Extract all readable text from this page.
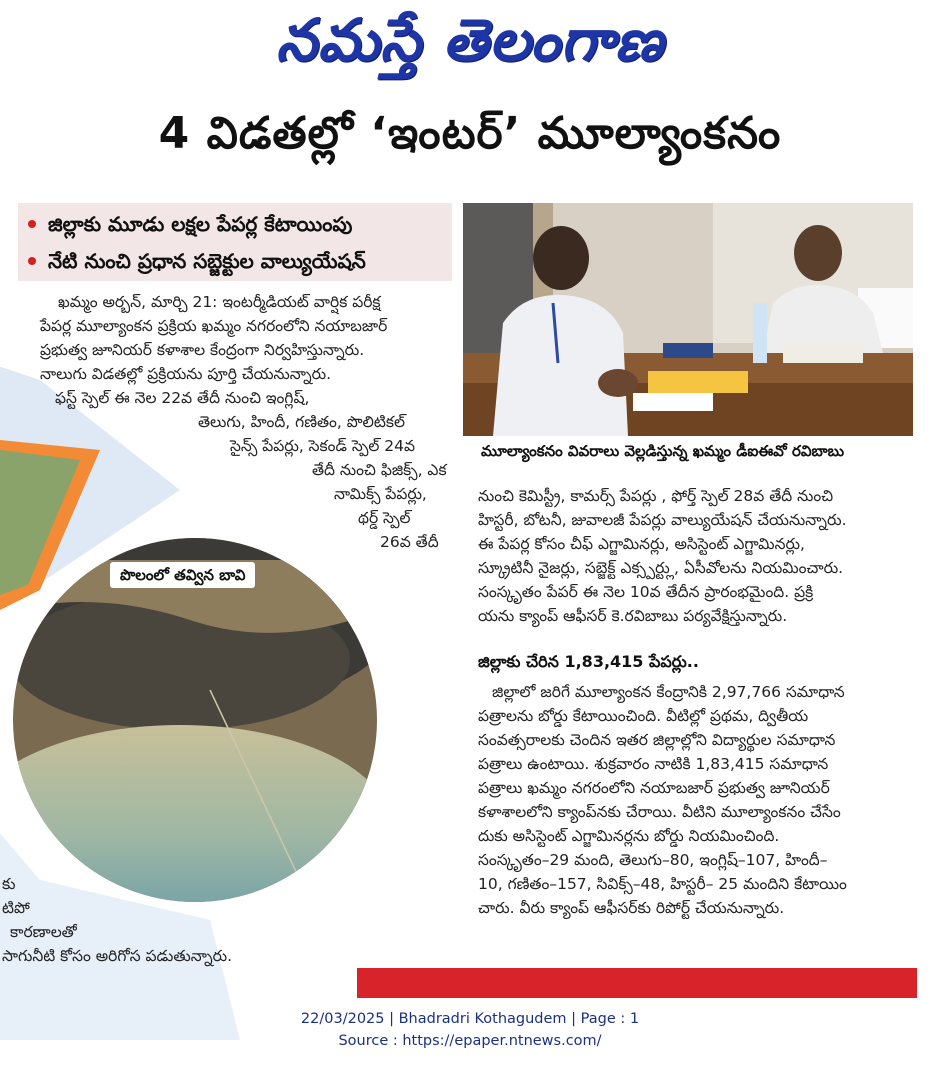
నమస్తే తెలంగాణ
4 విడతల్లో ‘ఇంటర్’ మూల్యాంకనం
జిల్లాకు మూడు లక్షల పేపర్ల కేటాయింపు
నేటి నుంచి ప్రధాన సబ్జెక్టుల వాల్యుయేషన్
పొలంలో తవ్విన బావి

ఖమ్మం అర్బన్, మార్చి 21: ఇంటర్మీడియట్ వార్షిక పరీక్ష

పేపర్ల మూల్యాంకన ప్రక్రియ ఖమ్మం నగరంలోని నయాబజార్

ప్రభుత్వ జూనియర్ కళాశాల కేంద్రంగా నిర్వహిస్తున్నారు.

నాలుగు విడతల్లో ప్రక్రియను పూర్తి చేయనున్నారు.

ఫస్ట్ స్పెల్ ఈ నెల 22వ తేదీ నుంచి ఇంగ్లిష్,

తెలుగు, హిందీ, గణితం, పొలిటికల్

సైన్స్ పేపర్లు, సెకండ్ స్పెల్ 24వ

తేదీ నుంచి ఫిజిక్స్, ఎక

నామిక్స్ పేపర్లు,

థర్డ్ స్పెల్

26వ తేదీ

మూల్యాంకనం వివరాలు వెల్లడిస్తున్న ఖమ్మం డీఐఈవో రవిబాబు

నుంచి కెమిస్ట్రీ, కామర్స్ పేపర్లు , ఫోర్త్ స్పెల్ 28వ తేదీ నుంచి

హిస్టరీ, బోటనీ, జువాలజీ పేపర్లు వాల్యుయేషన్ చేయనున్నారు.

ఈ పేపర్ల కోసం చీఫ్ ఎగ్జామినర్లు, అసిస్టెంట్ ఎగ్జామినర్లు,

స్క్రూటినీ నైజర్లు, సబ్జెక్ట్ ఎక్స్పర్ట్లు, ఏసీవోలను నియమించారు.

సంస్కృతం పేపర్ ఈ నెల 10వ తేదీన ప్రారంభమైంది. ప్రక్రి

యను క్యాంప్ ఆఫీసర్ కె.రవిబాబు పర్యవేక్షిస్తున్నారు.

జిల్లాకు చేరిన 1,83,415 పేపర్లు..

జిల్లాలో జరిగే మూల్యాంకన కేంద్రానికి 2,97,766 సమాధాన

పత్రాలను బోర్డు కేటాయించింది. వీటిల్లో ప్రథమ, ద్వితీయ

సంవత్సరాలకు చెందిన ఇతర జిల్లాల్లోని విద్యార్థుల సమాధాన

పత్రాలు ఉంటాయి. శుక్రవారం నాటికి 1,83,415 సమాధాన

పత్రాలు ఖమ్మం నగరంలోని నయాబజార్ ప్రభుత్వ జూనియర్

కళాశాలలోని క్యాంప్‌నకు చేరాయి. వీటిని మూల్యాంకనం చేసేం

దుకు అసిస్టెంట్ ఎగ్జామినర్లను బోర్డు నియమించింది.

సంస్కృతం–29 మంది, తెలుగు–80, ఇంగ్లిష్–107, హిందీ–

10, గణితం–157, సివిక్స్–48, హిస్టరీ– 25 మందిని కేటాయిం

చారు. వీరు క్యాంప్ ఆఫీసర్‌కు రిపోర్ట్ చేయనున్నారు.

కు

టిపో

కారణాలతో

సాగునీటి కోసం అరిగోస పడుతున్నారు.

22/03/2025 | Bhadradri Kothagudem | Page : 1
Source : https://epaper.ntnews.com/
